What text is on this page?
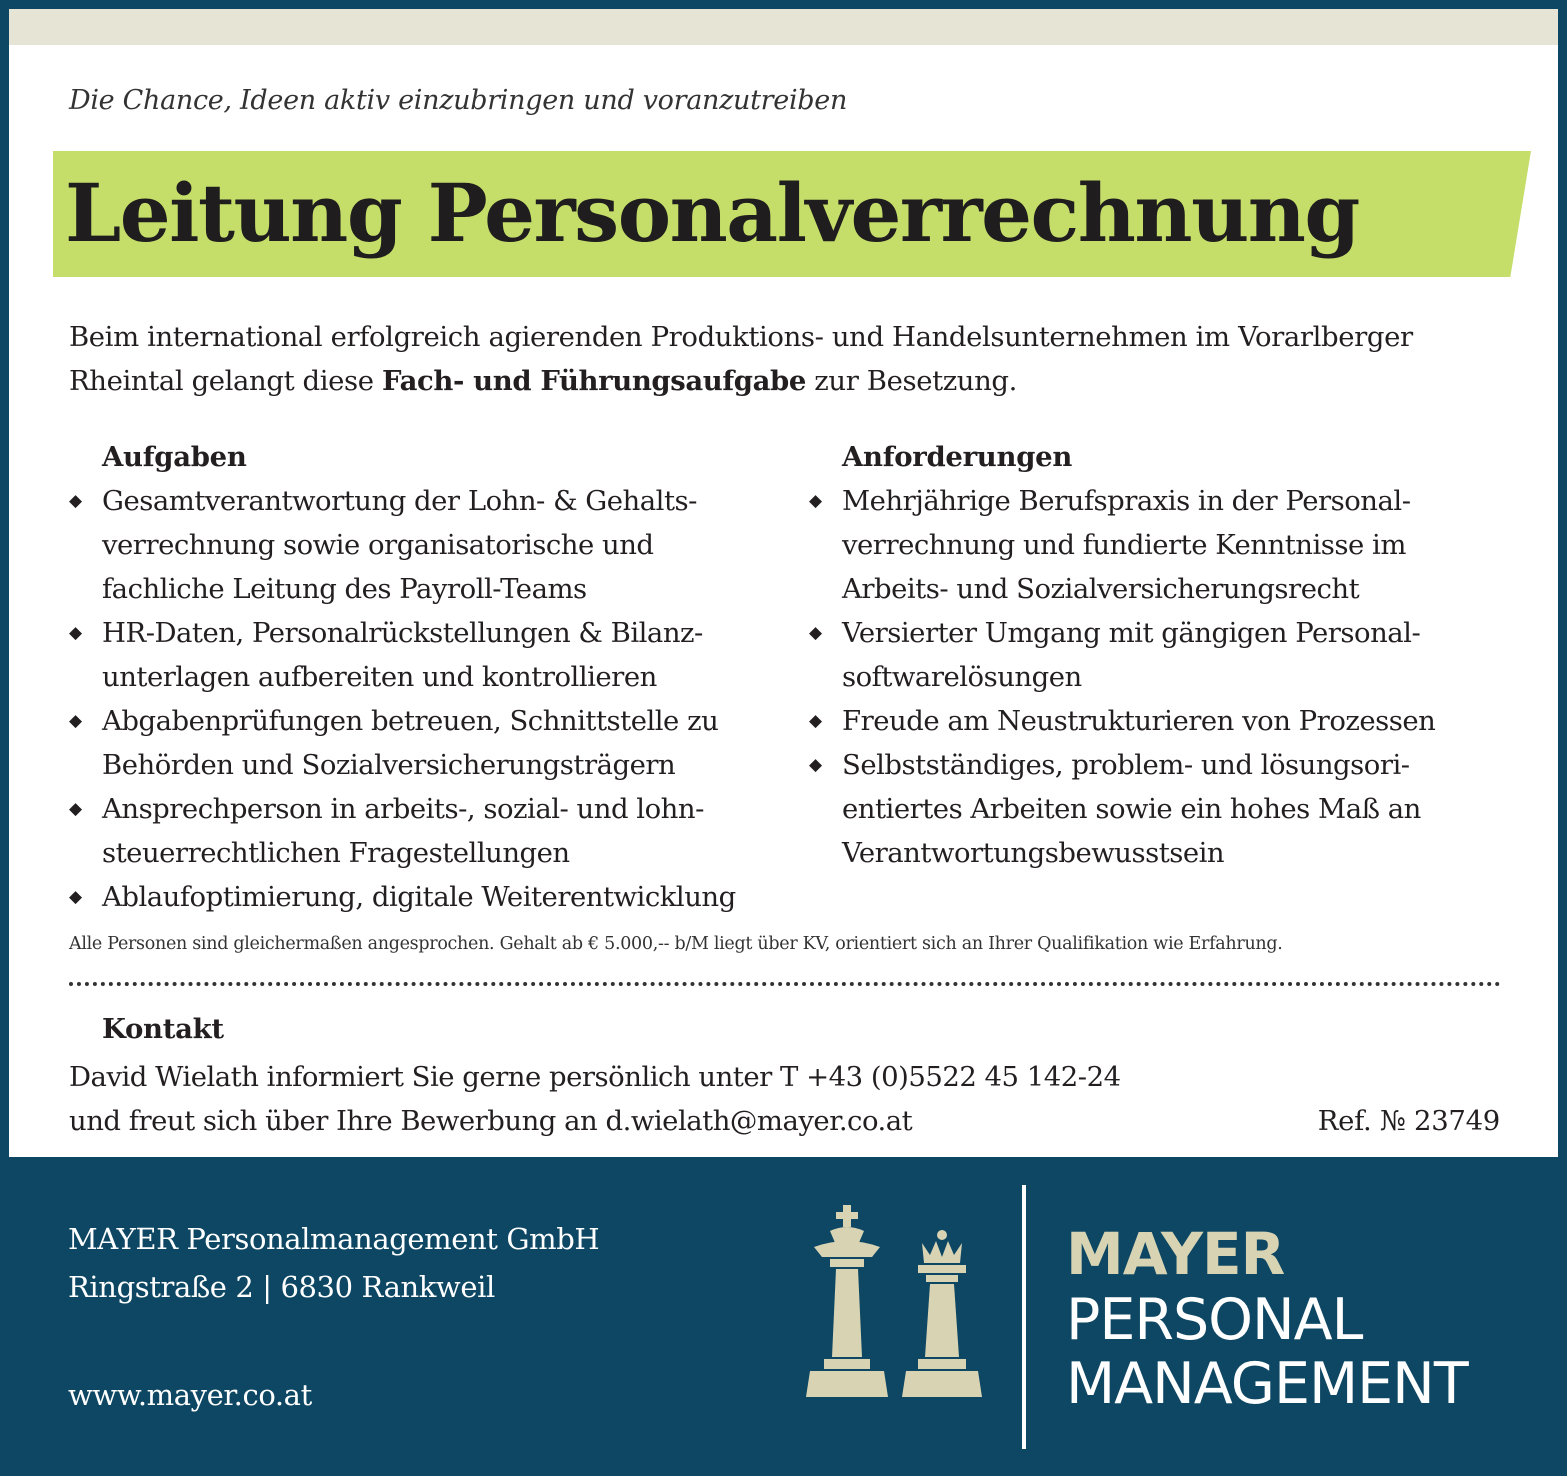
Die Chance, Ideen aktiv einzubringen und voranzutreiben
Leitung Personalverrechnung
Beim international erfolgreich agierenden Produktions- und Handelsunternehmen im Vorarlberger
Rheintal gelangt diese Fach- und Führungsaufgabe zur Besetzung.
Aufgaben
◆ Gesamtverantwortung der Lohn- & Gehalts-
verrechnung sowie organisatorische und
fachliche Leitung des Payroll-Teams
◆ HR-Daten, Personalrückstellungen & Bilanz-
unterlagen aufbereiten und kontrollieren
◆ Abgabenprüfungen betreuen, Schnittstelle zu
Behörden und Sozialversicherungsträgern
◆ Ansprechperson in arbeits-, sozial- und lohn-
steuerrechtlichen Fragestellungen
◆ Ablaufoptimierung, digitale Weiterentwicklung
Anforderungen
◆ Mehrjährige Berufspraxis in der Personal-
verrechnung und fundierte Kenntnisse im
Arbeits- und Sozialversicherungsrecht
◆ Versierter Umgang mit gängigen Personal-
softwarelösungen
◆ Freude am Neustrukturieren von Prozessen
◆ Selbstständiges, problem- und lösungsori-
entiertes Arbeiten sowie ein hohes Maß an
Verantwortungsbewusstsein
Alle Personen sind gleichermaßen angesprochen. Gehalt ab € 5.000,-- b/M liegt über KV, orientiert sich an Ihrer Qualifikation wie Erfahrung.
Kontakt
David Wielath informiert Sie gerne persönlich unter T +43 (0)5522 45 142-24
und freut sich über Ihre Bewerbung an d.wielath@mayer.co.at	Ref. № 23749
MAYER Personalmanagement GmbH
Ringstraße 2 | 6830 Rankweil
www.mayer.co.at
MAYER
PERSONAL
MANAGEMENT
